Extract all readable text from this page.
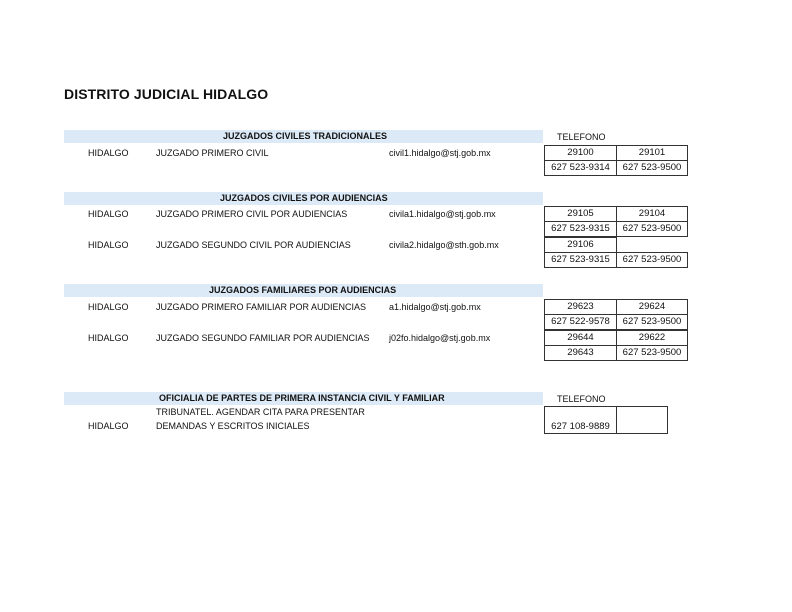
DISTRITO JUDICIAL HIDALGO
JUZGADOS CIVILES TRADICIONALES	TELEFONO
HIDALGO	JUZGADO PRIMERO CIVIL	civil1.hidalgo@stj.gob.mx	29100	29101
627 523-9314	627 523-9500
JUZGADOS CIVILES POR AUDIENCIAS
HIDALGO	JUZGADO PRIMERO CIVIL POR AUDIENCIAS	civila1.hidalgo@stj.gob.mx	29105	29104
627 523-9315	627 523-9500
HIDALGO	JUZGADO SEGUNDO CIVIL POR AUDIENCIAS	civila2.hidalgo@sth.gob.mx	29106
627 523-9315	627 523-9500
JUZGADOS FAMILIARES POR AUDIENCIAS
HIDALGO	JUZGADO PRIMERO FAMILIAR POR AUDIENCIAS	a1.hidalgo@stj.gob.mx	29623	29624
627 522-9578	627 523-9500
HIDALGO	JUZGADO SEGUNDO FAMILIAR POR AUDIENCIAS j02fo.hidalgo@stj.gob.mx	29644	29622
29643	627 523-9500
OFICIALIA DE PARTES DE PRIMERA INSTANCIA CIVIL Y FAMILIAR	TELEFONO
TRIBUNATEL. AGENDAR CITA PARA PRESENTAR
HIDALGO	DEMANDAS Y ESCRITOS INICIALES	627 108-9889
